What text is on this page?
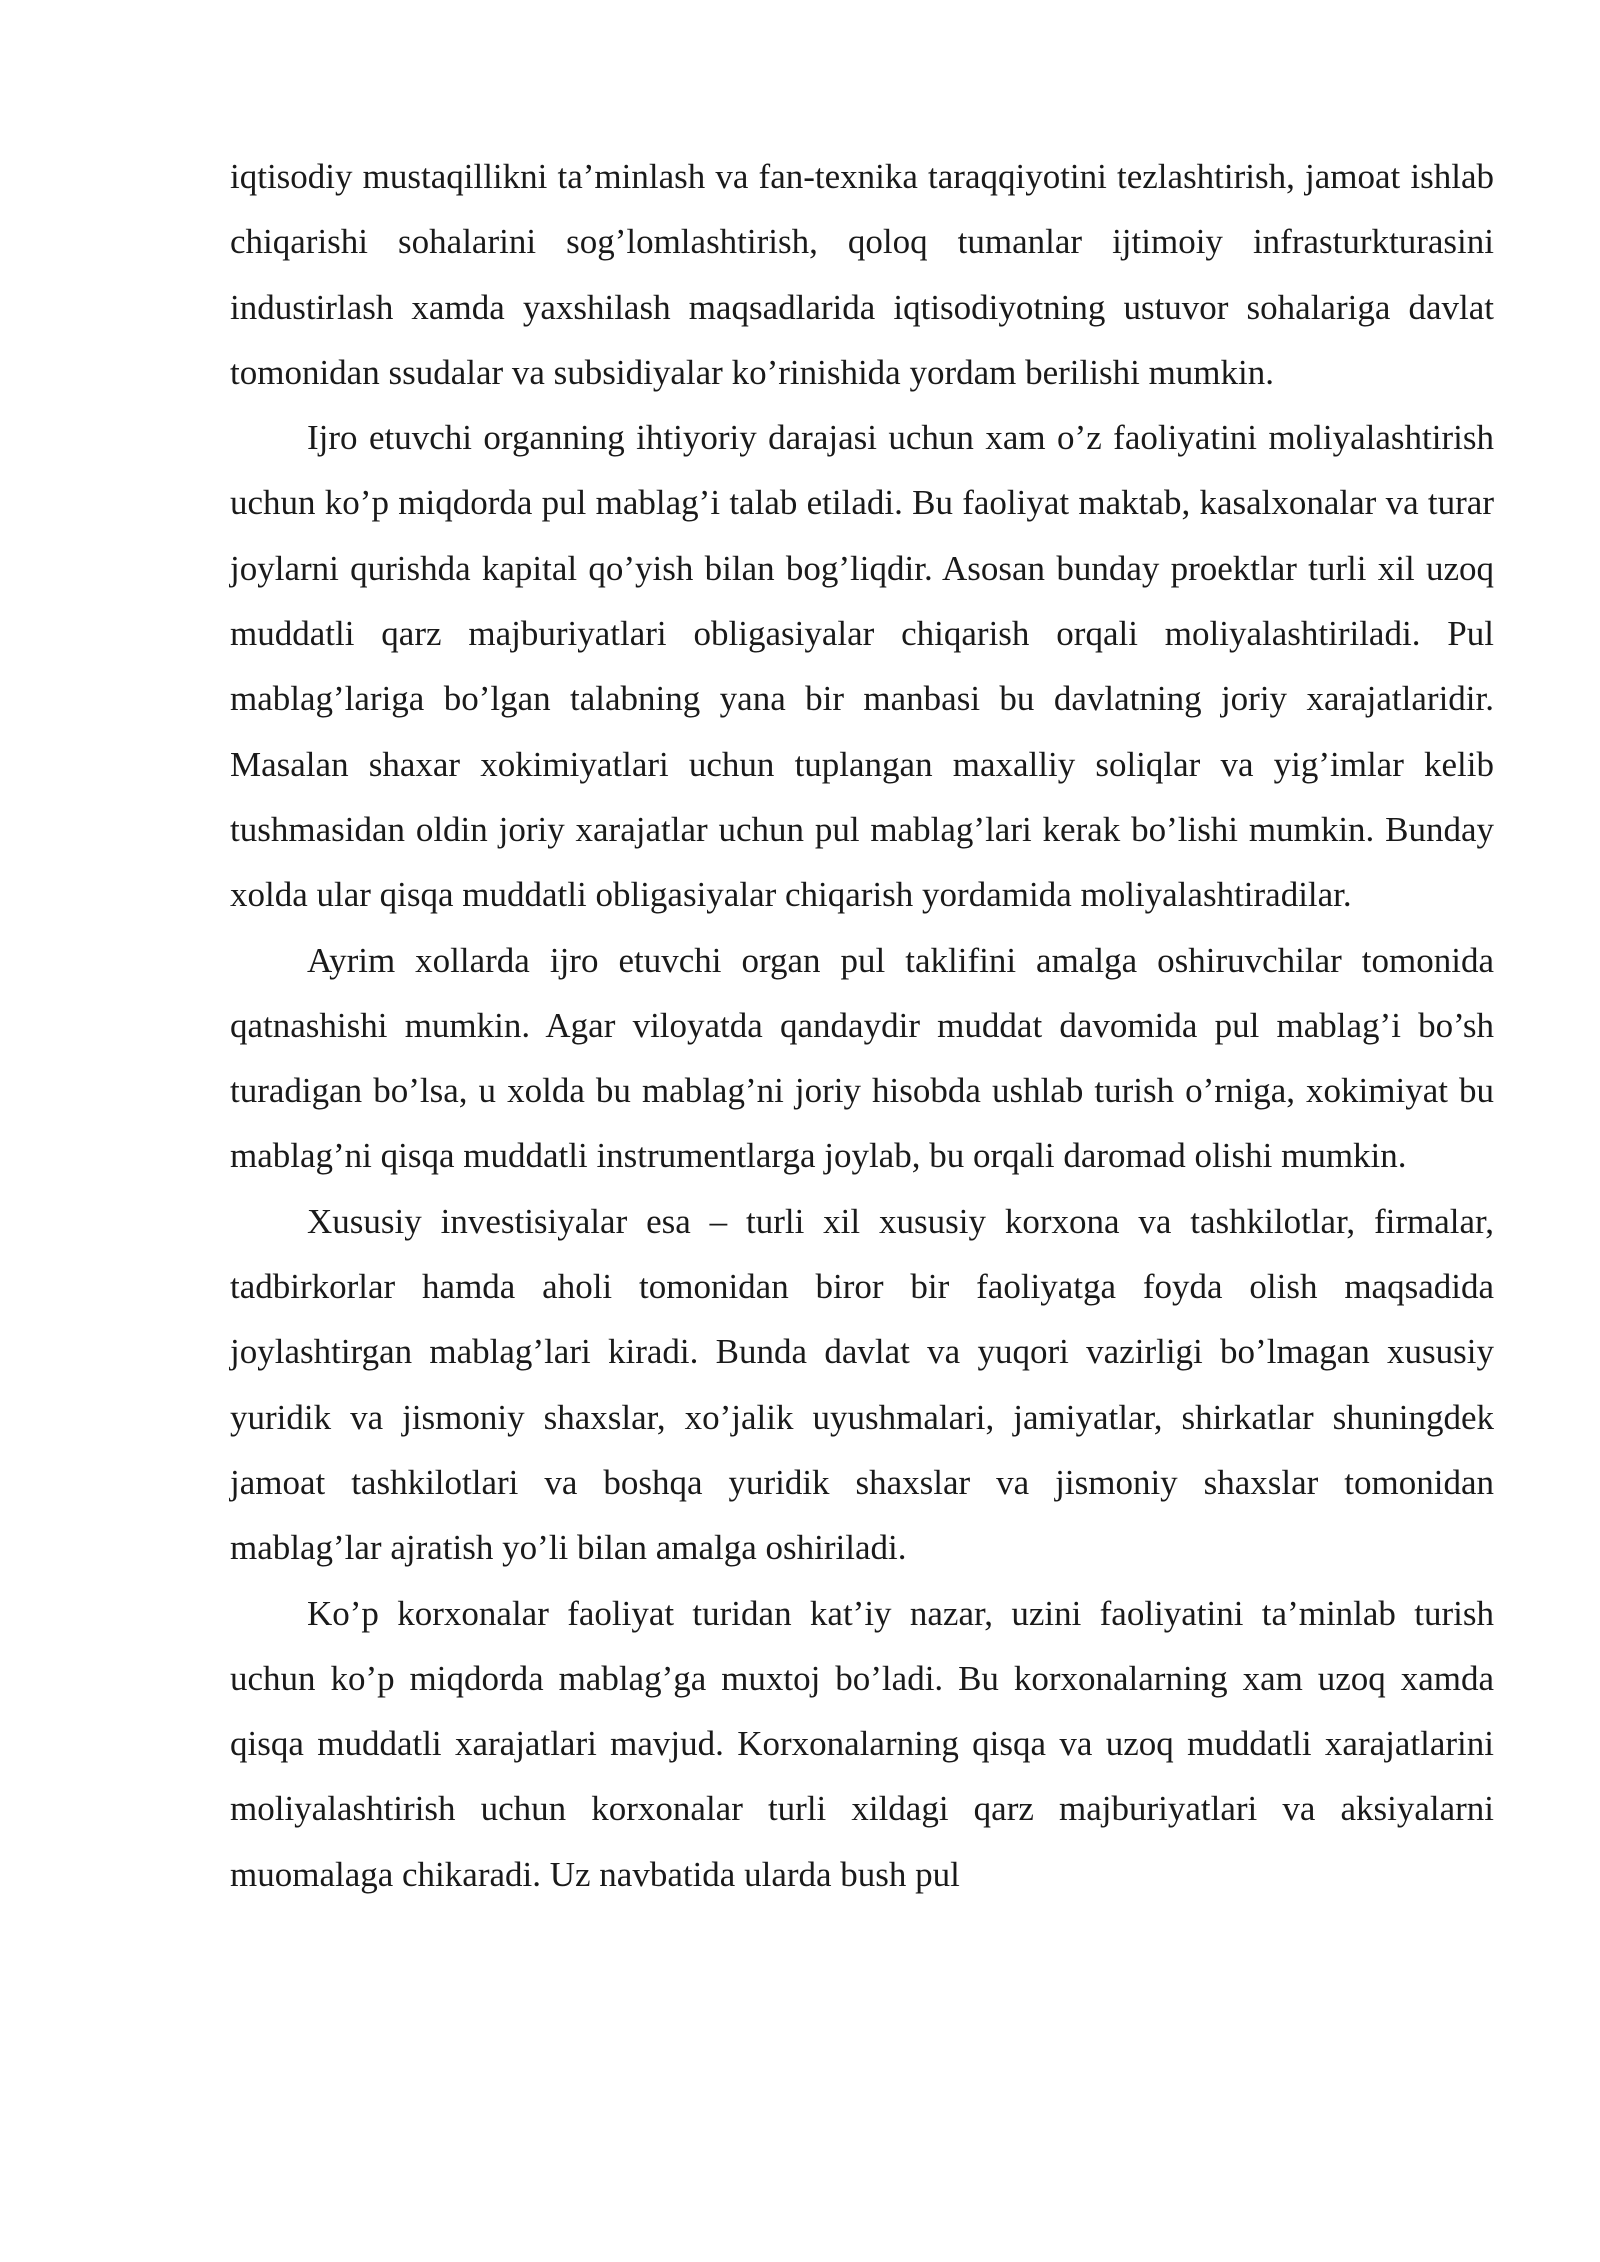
iqtisodiy mustaqillikni ta’minlash va fan-texnika taraqqiyotini tezlashtirish, jamoat ishlab chiqarishi sohalarini sog’lomlashtirish, qoloq tumanlar ijtimoiy infrasturkturasini industirlash xamda yaxshilash maqsadlarida iqtisodiyotning ustuvor sohalariga davlat tomonidan ssudalar va subsidiyalar ko’rinishida yordam berilishi mumkin.

Ijro etuvchi organning ihtiyoriy darajasi uchun xam o’z faoliyatini moliyalashtirish uchun ko’p miqdorda pul mablag’i talab etiladi. Bu faoliyat maktab, kasalxonalar va turar joylarni qurishda kapital qo’yish bilan bog’liqdir. Asosan bunday proektlar turli xil uzoq muddatli qarz majburiyatlari obligasiyalar chiqarish orqali moliyalashtiriladi. Pul mablag’lariga bo’lgan talabning yana bir manbasi bu davlatning joriy xarajatlaridir. Masalan shaxar xokimiyatlari uchun tuplangan maxalliy soliqlar va yig’imlar kelib tushmasidan oldin joriy xarajatlar uchun pul mablag’lari kerak bo’lishi mumkin. Bunday xolda ular qisqa muddatli obligasiyalar chiqarish yordamida moliyalashtiradilar.

Ayrim xollarda ijro etuvchi organ pul taklifini amalga oshiruvchilar tomonida qatnashishi mumkin. Agar viloyatda qandaydir muddat davomida pul mablag’i bo’sh turadigan bo’lsa, u xolda bu mablag’ni joriy hisobda ushlab turish o’rniga, xokimiyat bu mablag’ni qisqa muddatli instrumentlarga joylab, bu orqali daromad olishi mumkin.

Xususiy investisiyalar esa – turli xil xususiy korxona va tashkilotlar, firmalar, tadbirkorlar hamda aholi tomonidan biror bir faoliyatga foyda olish maqsadida joylashtirgan mablag’lari kiradi. Bunda davlat va yuqori vazirligi bo’lmagan xususiy yuridik va jismoniy shaxslar, xo’jalik uyushmalari, jamiyatlar, shirkatlar shuningdek jamoat tashkilotlari va boshqa yuridik shaxslar va jismoniy shaxslar tomonidan mablag’lar ajratish yo’li bilan amalga oshiriladi.

Ko’p korxonalar faoliyat turidan kat’iy nazar, uzini faoliyatini ta’minlab turish uchun ko’p miqdorda mablag’ga muxtoj bo’ladi. Bu korxonalarning xam uzoq xamda qisqa muddatli xarajatlari mavjud. Korxonalarning qisqa va uzoq muddatli xarajatlarini moliyalashtirish uchun korxonalar turli xildagi qarz majburiyatlari va aksiyalarni muomalaga chikaradi. Uz navbatida ularda bush pul
